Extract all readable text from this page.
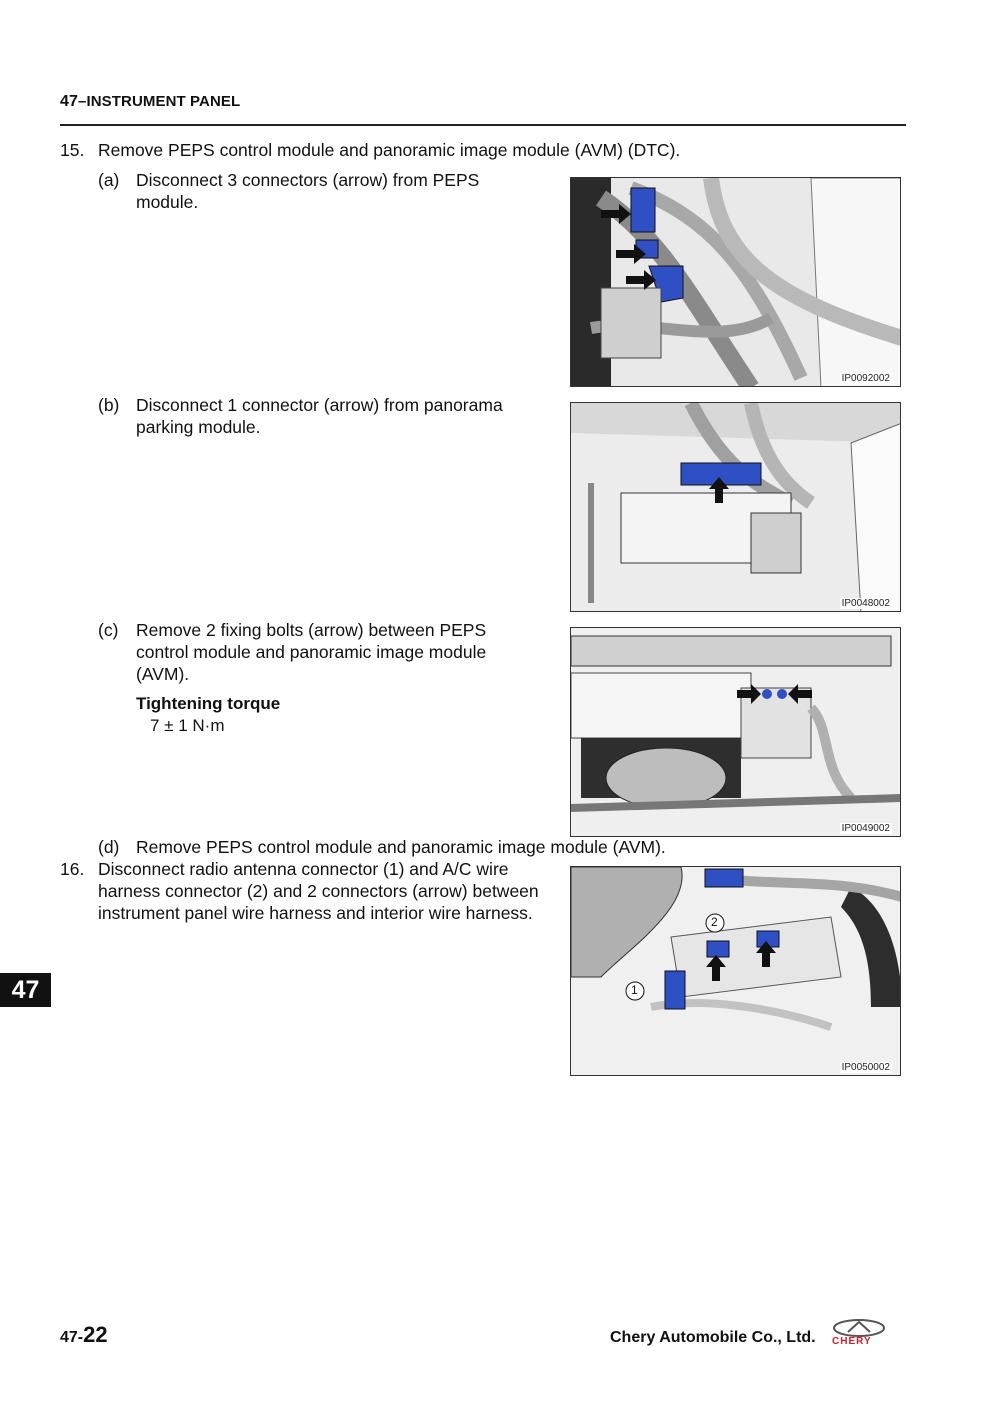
47–INSTRUMENT PANEL
15. Remove PEPS control module and panoramic image module (AVM) (DTC).
(a) Disconnect 3 connectors (arrow) from PEPS module.
(b) Disconnect 1 connector (arrow) from panorama parking module.
(c) Remove 2 fixing bolts (arrow) between PEPS control module and panoramic image module (AVM).
Tightening torque
7 ± 1 N·m
(d) Remove PEPS control module and panoramic image module (AVM).
16. Disconnect radio antenna connector (1) and A/C wire harness connector (2) and 2 connectors (arrow) between instrument panel wire harness and interior wire harness.
IP0092002
IP0048002
IP0049002
2
1
IP0050002
47
47-22	Chery Automobile Co., Ltd. CHERY
